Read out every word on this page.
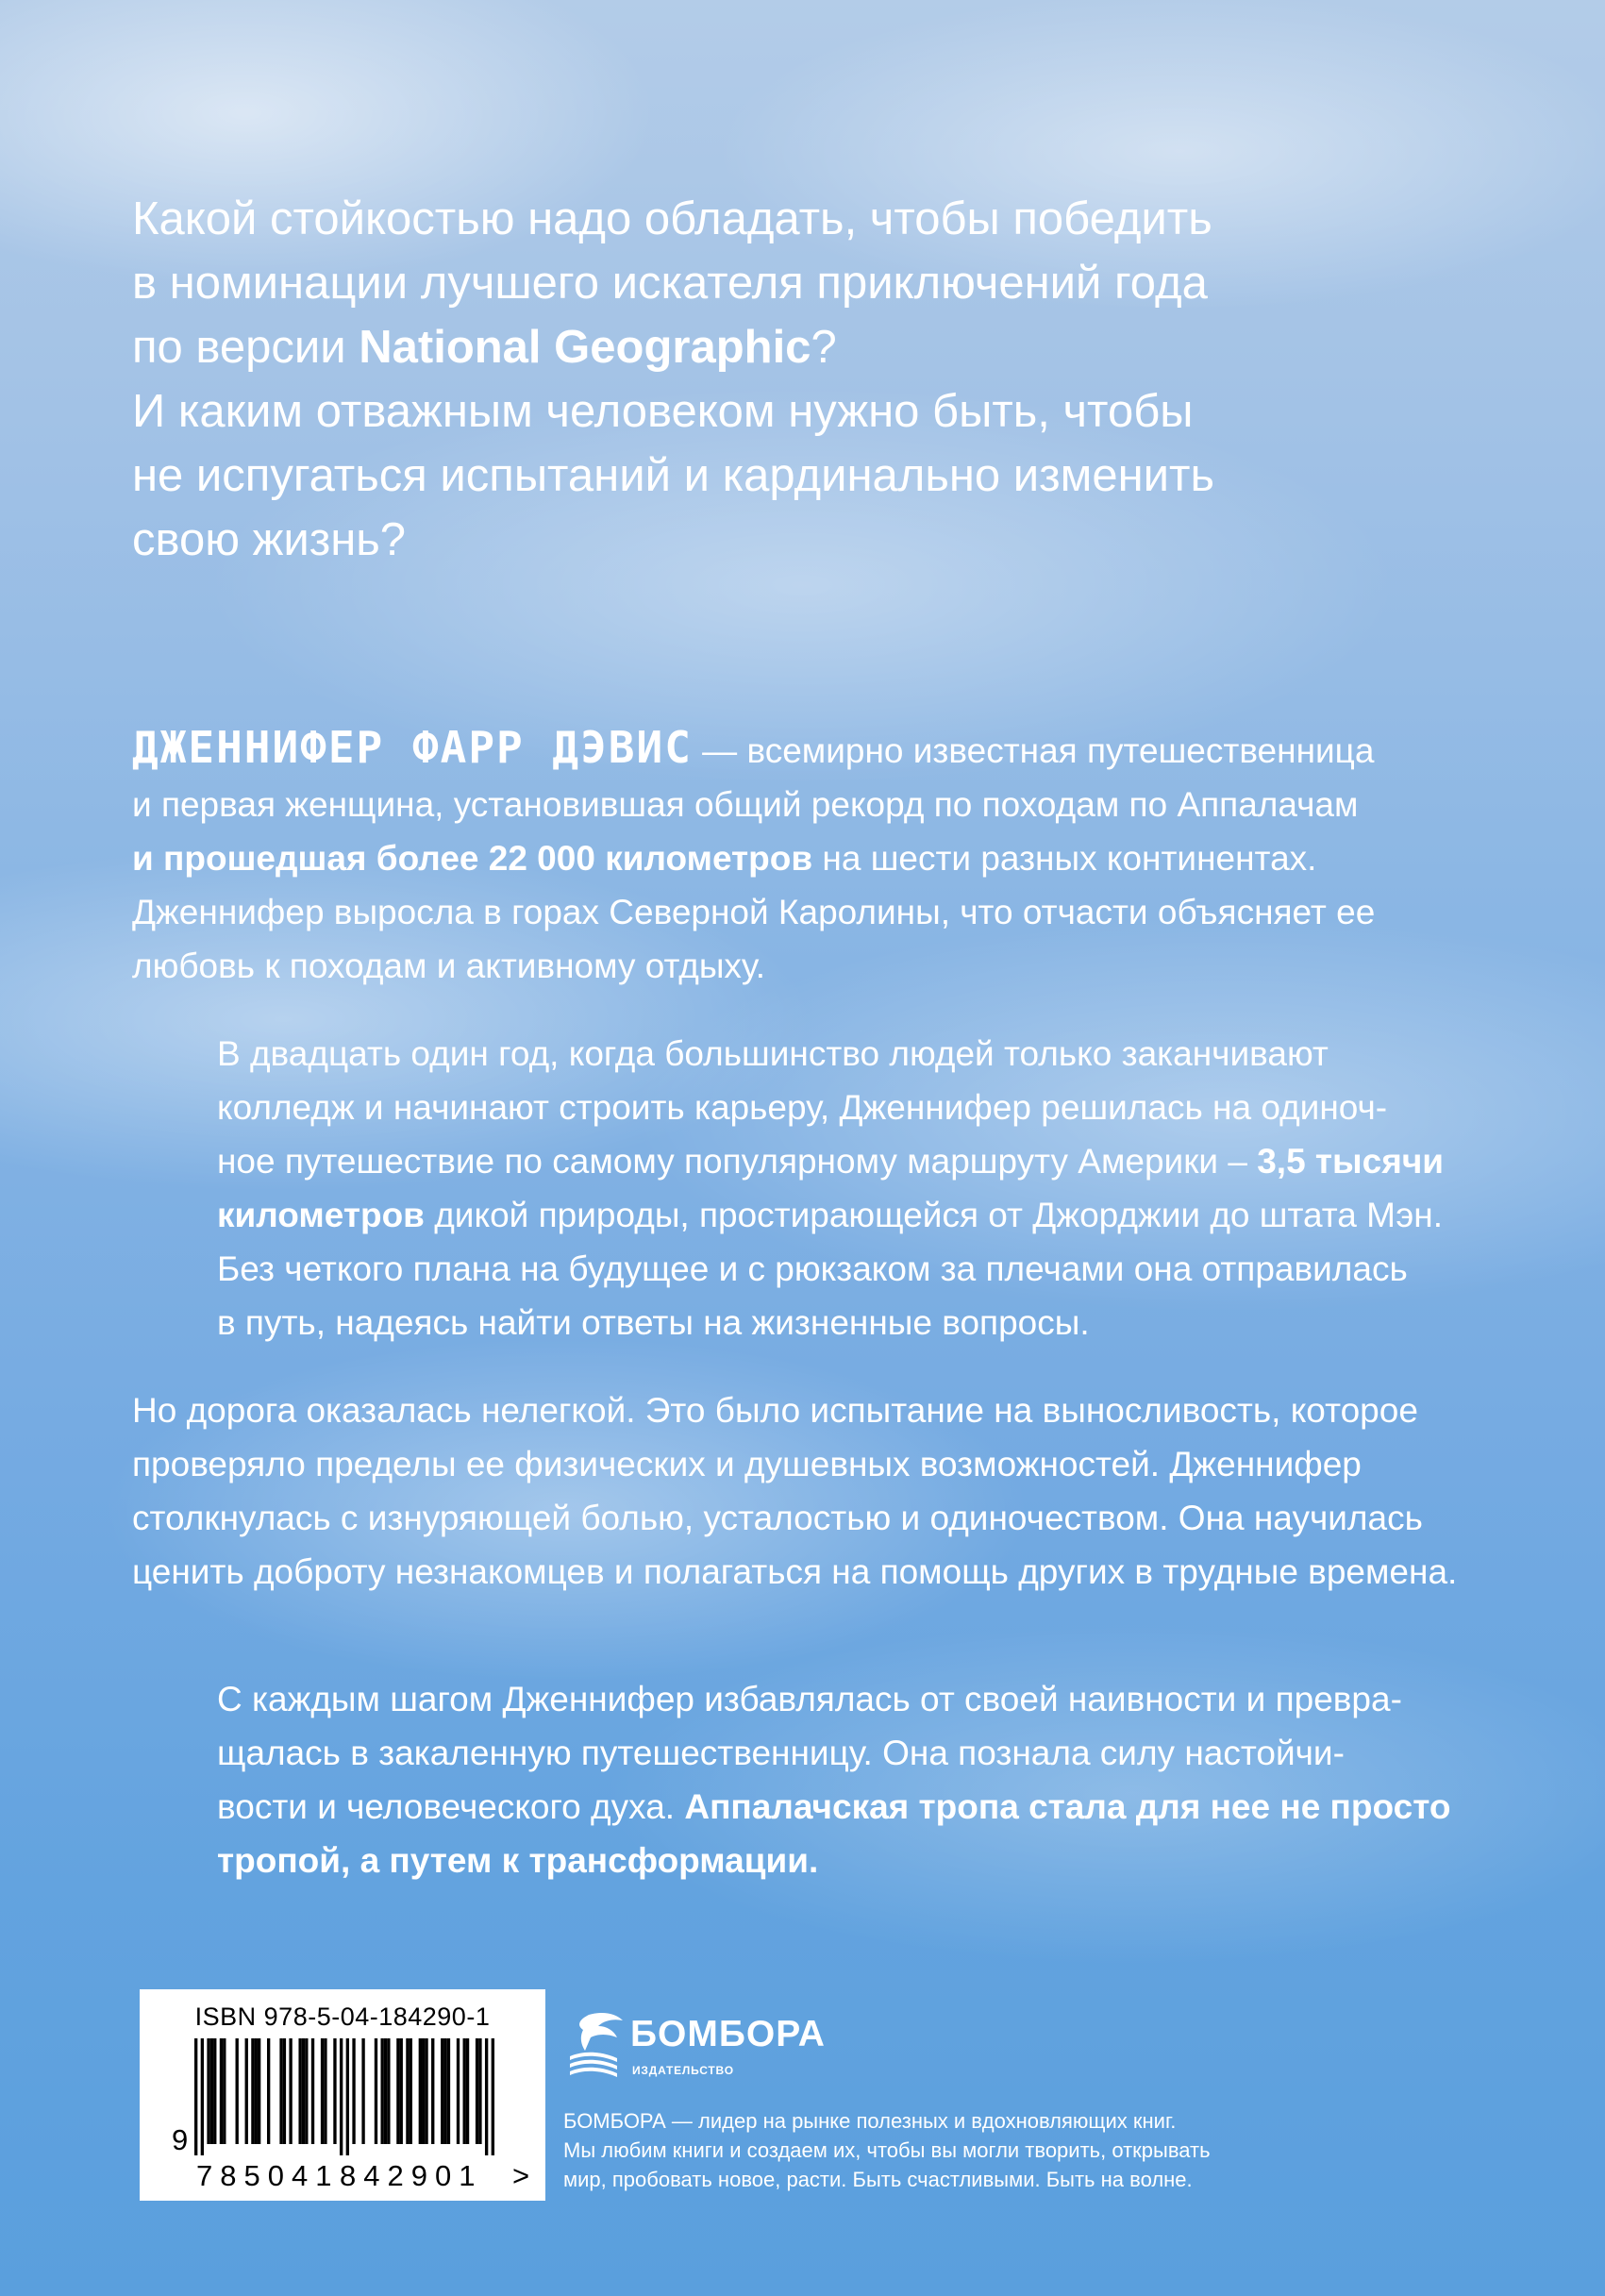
Какой стойкостью надо обладать, чтобы победить

в номинации лучшего искателя приключений года

по версии National Geographic?

И каким отважным человеком нужно быть, чтобы

не испугаться испытаний и кардинально изменить

свою жизнь?

ДЖЕННИФЕР ФАРР ДЭВИС — всемирно известная путешественница

и первая женщина, установившая общий рекорд по походам по Аппалачам

и прошедшая более 22 000 километров на шести разных континентах.

Дженнифер выросла в горах Северной Каролины, что отчасти объясняет ее

любовь к походам и активному отдыху.

В двадцать один год, когда большинство людей только заканчивают

колледж и начинают строить карьеру, Дженнифер решилась на одиноч-

ное путешествие по самому популярному маршруту Америки – 3,5 тысячи

километров дикой природы, простирающейся от Джорджии до штата Мэн.

Без четкого плана на будущее и с рюкзаком за плечами она отправилась

в путь, надеясь найти ответы на жизненные вопросы.

Но дорога оказалась нелегкой. Это было испытание на выносливость, которое

проверяло пределы ее физических и душевных возможностей. Дженнифер

столкнулась с изнуряющей болью, усталостью и одиночеством. Она научилась

ценить доброту незнакомцев и полагаться на помощь других в трудные времена.

С каждым шагом Дженнифер избавлялась от своей наивности и превра-

щалась в закаленную путешественницу. Она познала силу настойчи-

вости и человеческого духа. Аппалачская тропа стала для нее не просто

тропой, а путем к трансформации.

ISBN 978-5-04-184290-1
9
785041 842901 >
БОМБОРА
ИЗДАТЕЛЬСТВО

БОМБОРА — лидер на рынке полезных и вдохновляющих книг.

Мы любим книги и создаем их, чтобы вы могли творить, открывать

мир, пробовать новое, расти. Быть счастливыми. Быть на волне.
